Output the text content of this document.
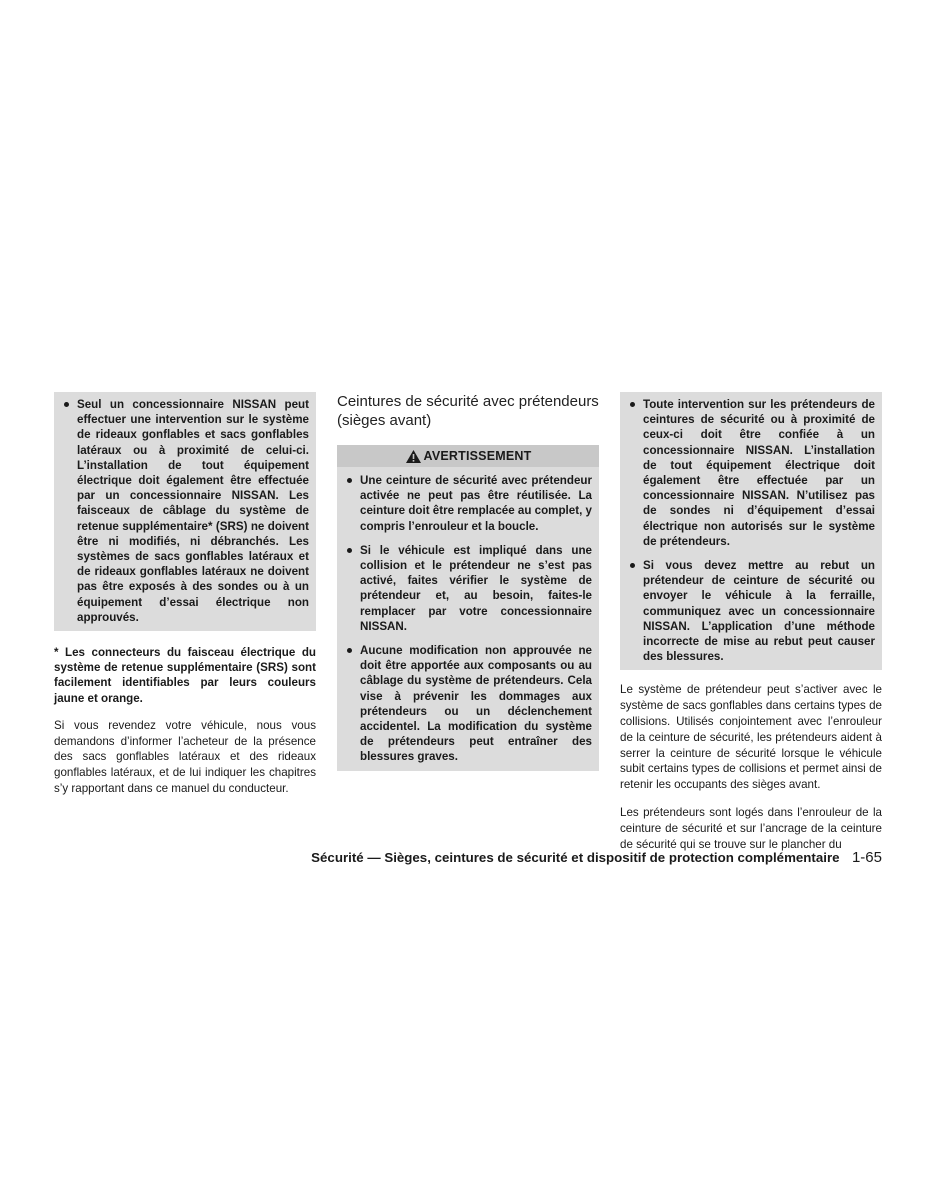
Seul un concessionnaire NISSAN peut effectuer une intervention sur le système de rideaux gonflables et sacs gonflables latéraux ou à proximité de celui-ci. L’installation de tout équipement électrique doit également être effectuée par un concessionnaire NISSAN. Les faisceaux de câblage du système de retenue supplémentaire* (SRS) ne doivent être ni modifiés, ni débranchés. Les systèmes de sacs gonflables latéraux et de rideaux gonflables latéraux ne doivent pas être exposés à des sondes ou à un équipement d’essai électrique non approuvés.
* Les connecteurs du faisceau électrique du système de retenue supplémentaire (SRS) sont facilement identifiables par leurs couleurs jaune et orange.
Si vous revendez votre véhicule, nous vous demandons d’informer l’acheteur de la présence des sacs gonflables latéraux et des rideaux gonflables latéraux, et de lui indiquer les chapitres s’y rapportant dans ce manuel du conducteur.
Ceintures de sécurité avec prétendeurs (sièges avant)
AVERTISSEMENT
Une ceinture de sécurité avec prétendeur activée ne peut pas être réutilisée. La ceinture doit être remplacée au complet, y compris l’enrouleur et la boucle.
Si le véhicule est impliqué dans une collision et le prétendeur ne s’est pas activé, faites vérifier le système de prétendeur et, au besoin, faites-le remplacer par votre concessionnaire NISSAN.
Aucune modification non approuvée ne doit être apportée aux composants ou au câblage du système de prétendeurs. Cela vise à prévenir les dommages aux prétendeurs ou un déclenchement accidentel. La modification du système de prétendeurs peut entraîner des blessures graves.
Toute intervention sur les prétendeurs de ceintures de sécurité ou à proximité de ceux-ci doit être confiée à un concessionnaire NISSAN. L’installation de tout équipement électrique doit également être effectuée par un concessionnaire NISSAN. N’utilisez pas de sondes ni d’équipement d’essai électrique non autorisés sur le système de prétendeurs.
Si vous devez mettre au rebut un prétendeur de ceinture de sécurité ou envoyer le véhicule à la ferraille, communiquez avec un concessionnaire NISSAN. L’application d’une méthode incorrecte de mise au rebut peut causer des blessures.
Le système de prétendeur peut s’activer avec le système de sacs gonflables dans certains types de collisions. Utilisés conjointement avec l’enrouleur de la ceinture de sécurité, les prétendeurs aident à serrer la ceinture de sécurité lorsque le véhicule subit certains types de collisions et permet ainsi de retenir les occupants des sièges avant.
Les prétendeurs sont logés dans l’enrouleur de la ceinture de sécurité et sur l’ancrage de la ceinture de sécurité qui se trouve sur le plancher du
Sécurité — Sièges, ceintures de sécurité et dispositif de protection complémentaire 1-65
